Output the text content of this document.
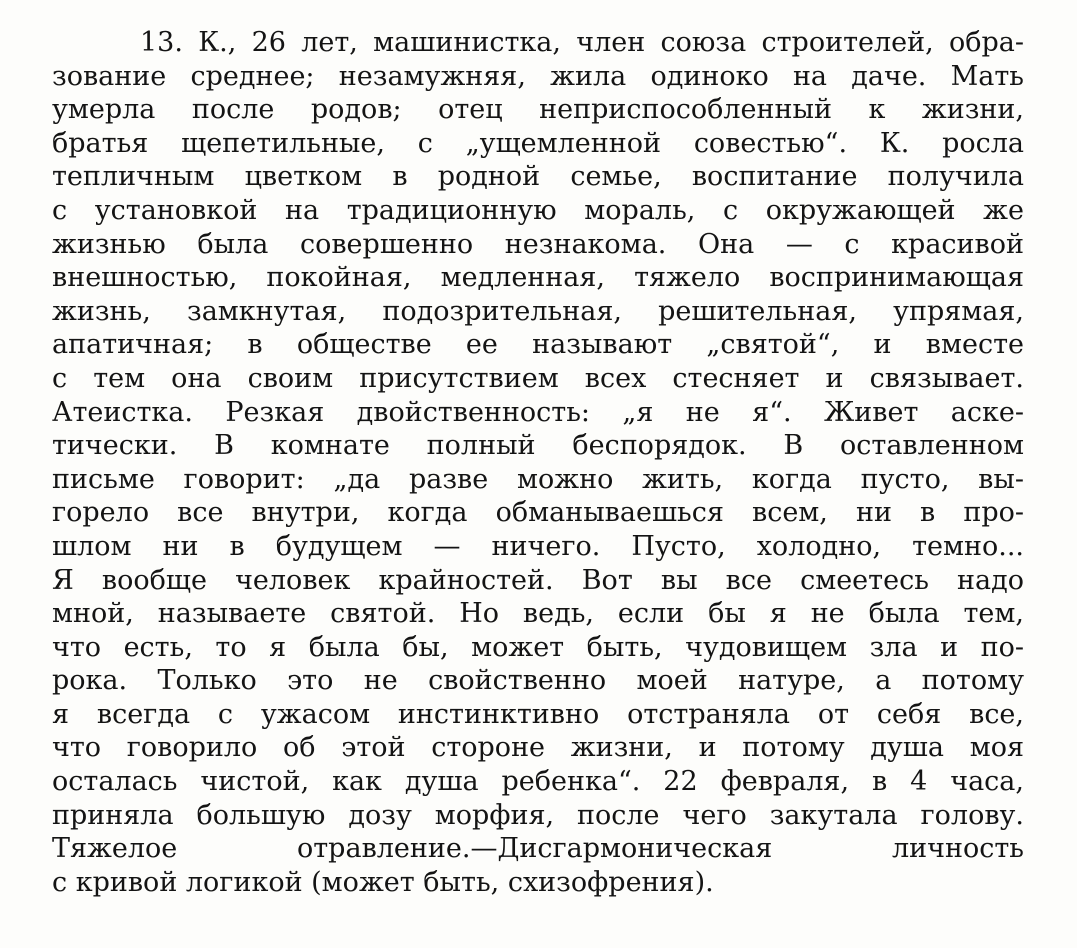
13. К., 26 лет, машинистка, член союза строителей, обра-
зование среднее; незамужняя, жила одиноко на даче. Мать
умерла после родов; отец неприспособленный к жизни,
братья щепетильные, с „ущемленной совестью“. К. росла
тепличным цветком в родной семье, воспитание получила
с установкой на традиционную мораль, с окружающей же
жизнью была совершенно незнакома. Она — с красивой
внешностью, покойная, медленная, тяжело воспринимающая
жизнь, замкнутая, подозрительная, решительная, упрямая,
апатичная; в обществе ее называют „святой“, и вместе
с тем она своим присутствием всех стесняет и связывает.
Атеистка. Резкая двойственность: „я не я“. Живет аске-
тически. В комнате полный беспорядок. В оставленном
письме говорит: „да разве можно жить, когда пусто, вы-
горело все внутри, когда обманываешься всем, ни в про-
шлом ни в будущем — ничего. Пусто, холодно, темно...
Я вообще человек крайностей. Вот вы все смеетесь надо
мной, называете святой. Но ведь, если бы я не была тем,
что есть, то я была бы, может быть, чудовищем зла и по-
рока. Только это не свойственно моей натуре, а потому
я всегда с ужасом инстинктивно отстраняла от себя все,
что говорило об этой стороне жизни, и потому душа моя
осталась чистой, как душа ребенка“. 22 февраля, в 4 часа,
приняла большую дозу морфия, после чего закутала голову.
Тяжелое отравление.—Дисгармоническая личность
с кривой логикой (может быть, схизофрения).
